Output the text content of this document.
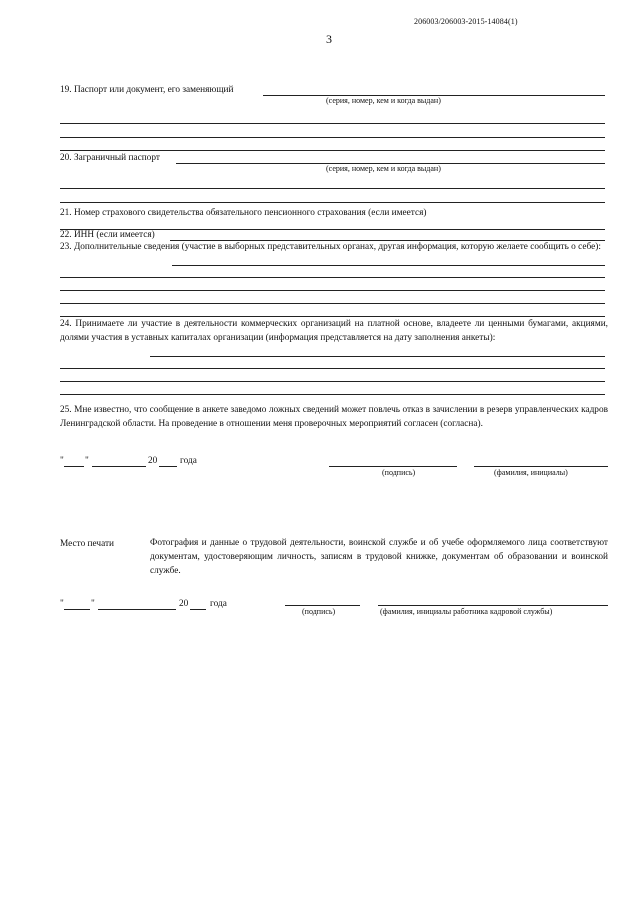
206003/206003-2015-14084(1)
3
19. Паспорт или документ, его заменяющий
(серия, номер, кем и когда выдан)
20. Заграничный паспорт
(серия, номер, кем и когда выдан)
21. Номер страхового свидетельства обязательного пенсионного страхования (если имеется)
22. ИНН (если имеется)
23. Дополнительные сведения (участие в выборных представительных органах, другая информация, которую желаете сообщить о себе):
24. Принимаете ли участие в деятельности коммерческих организаций на платной основе, владеете ли ценными бумагами, акциями, долями участия в уставных капиталах организации (информация представляется на дату заполнения анкеты):
25. Мне известно, что сообщение в анкете заведомо ложных сведений может повлечь отказ в зачислении в резерв управленческих кадров Ленинградской области. На проведение в отношении меня проверочных мероприятий согласен (согласна).
" "	20 года
(подпись)	(фамилия, инициалы)
Место печати	Фотография и данные о трудовой деятельности, воинской службе и об учебе оформляемого лица соответствуют документам, удостоверяющим личность, записям в трудовой книжке, документам об образовании и воинской службе.
"	"	20 года
(подпись)	(фамилия, инициалы работника кадровой службы)
